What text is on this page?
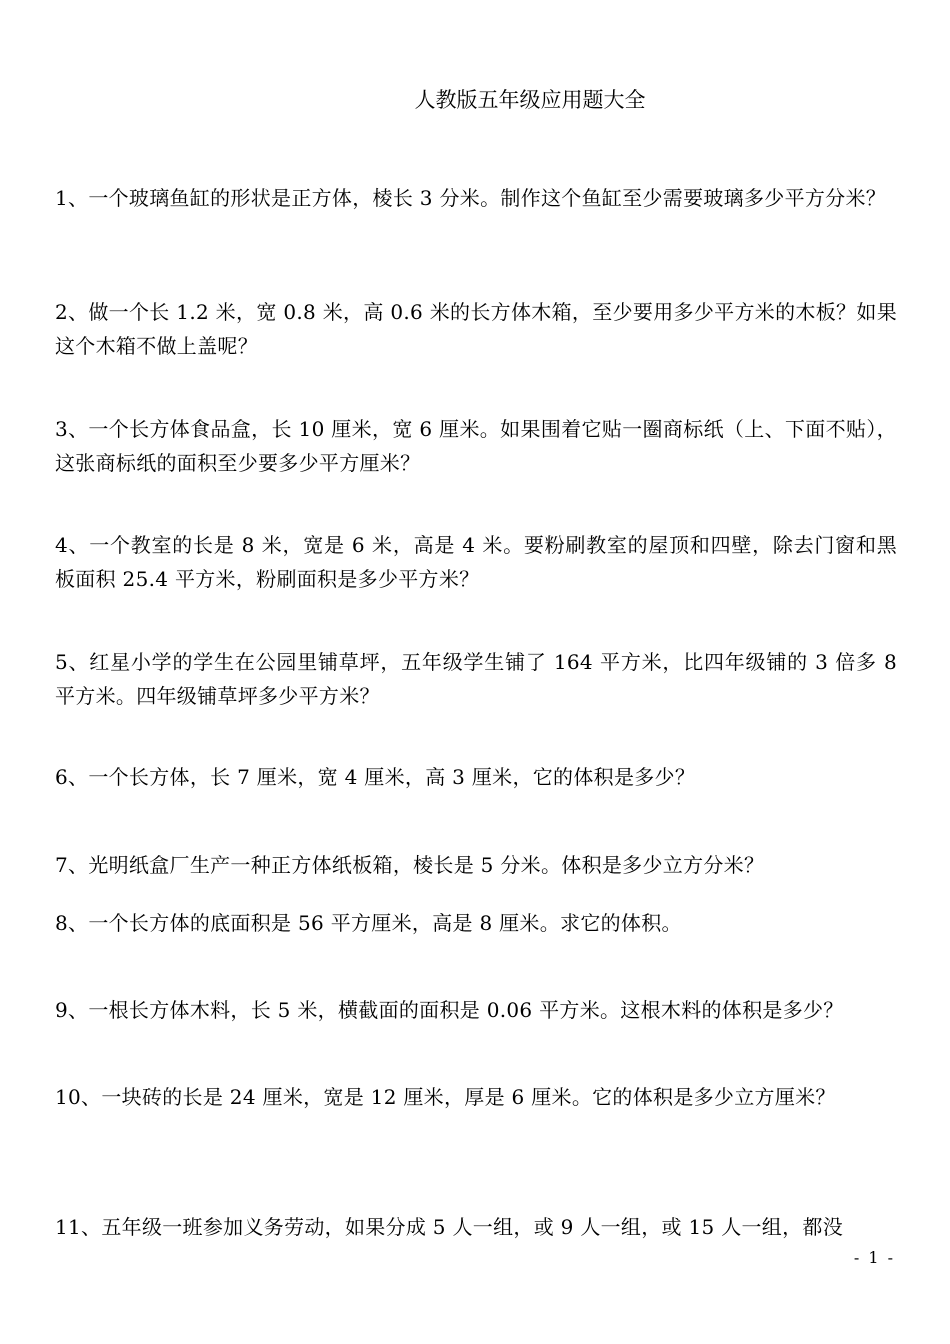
人教版五年级应用题大全
1、一个玻璃鱼缸的形状是正方体，棱长 3 分米。制作这个鱼缸至少需要玻璃多少平方分米？
2、做一个长 1.2 米，宽 0.8 米，高 0.6 米的长方体木箱，至少要用多少平方米的木板？如果这个木箱不做上盖呢？
3、一个长方体食品盒，长 10 厘米，宽 6 厘米。如果围着它贴一圈商标纸（上、下面不贴），这张商标纸的面积至少要多少平方厘米？
4、一个教室的长是 8 米，宽是 6 米，高是 4 米。要粉刷教室的屋顶和四壁，除去门窗和黑板面积 25.4 平方米，粉刷面积是多少平方米？
5、红星小学的学生在公园里铺草坪，五年级学生铺了 164 平方米，比四年级铺的 3 倍多 8 平方米。四年级铺草坪多少平方米？
6、一个长方体，长 7 厘米，宽 4 厘米，高 3 厘米，它的体积是多少？
7、光明纸盒厂生产一种正方体纸板箱，棱长是 5 分米。体积是多少立方分米？
8、一个长方体的底面积是 56 平方厘米，高是 8 厘米。求它的体积。
9、一根长方体木料，长 5 米，横截面的面积是 0.06 平方米。这根木料的体积是多少？
10、一块砖的长是 24 厘米，宽是 12 厘米，厚是 6 厘米。它的体积是多少立方厘米？
11、五年级一班参加义务劳动，如果分成 5 人一组，或 9 人一组，或 15 人一组，都没
- 1 -
